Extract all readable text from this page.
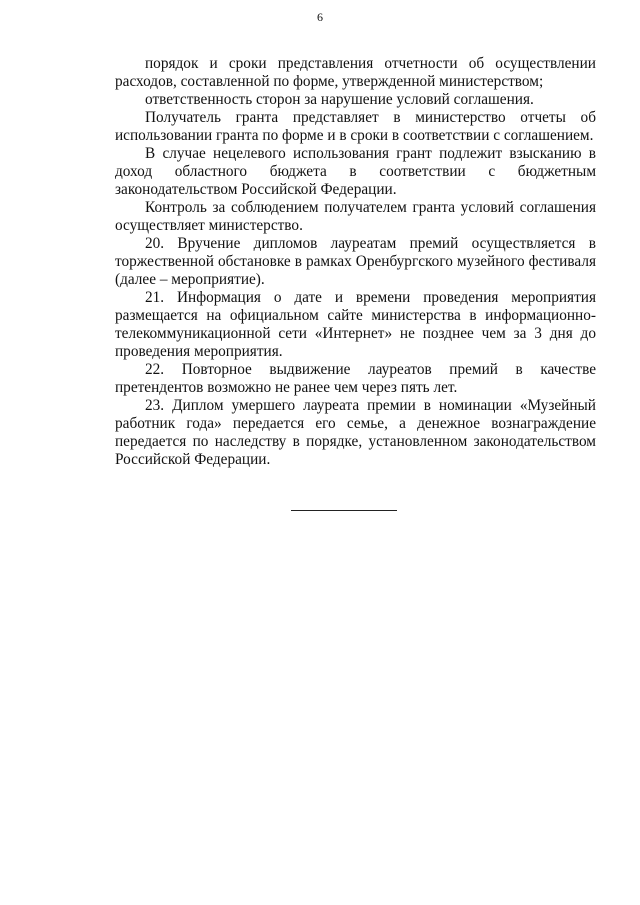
6

порядок и сроки представления отчетности об осуществлении расходов, составленной по форме, утвержденной министерством;

ответственность сторон за нарушение условий соглашения.

Получатель гранта представляет в министерство отчеты об использовании гранта по форме и в сроки в соответствии с соглашением.

В случае нецелевого использования грант подлежит взысканию в доход областного бюджета в соответствии с бюджетным законодательством Российской Федерации.

Контроль за соблюдением получателем гранта условий соглашения осуществляет министерство.

20. Вручение дипломов лауреатам премий осуществляется в торжественной обстановке в рамках Оренбургского музейного фестиваля (далее – мероприятие).

21. Информация о дате и времени проведения мероприятия размещается на официальном сайте министерства в информационно-телекоммуникационной сети «Интернет» не позднее чем за 3 дня до проведения мероприятия.

22. Повторное выдвижение лауреатов премий в качестве претендентов возможно не ранее чем через пять лет.

23. Диплом умершего лауреата премии в номинации «Музейный работник года» передается его семье, а денежное вознаграждение передается по наследству в порядке, установленном законодательством Российской Федерации.
